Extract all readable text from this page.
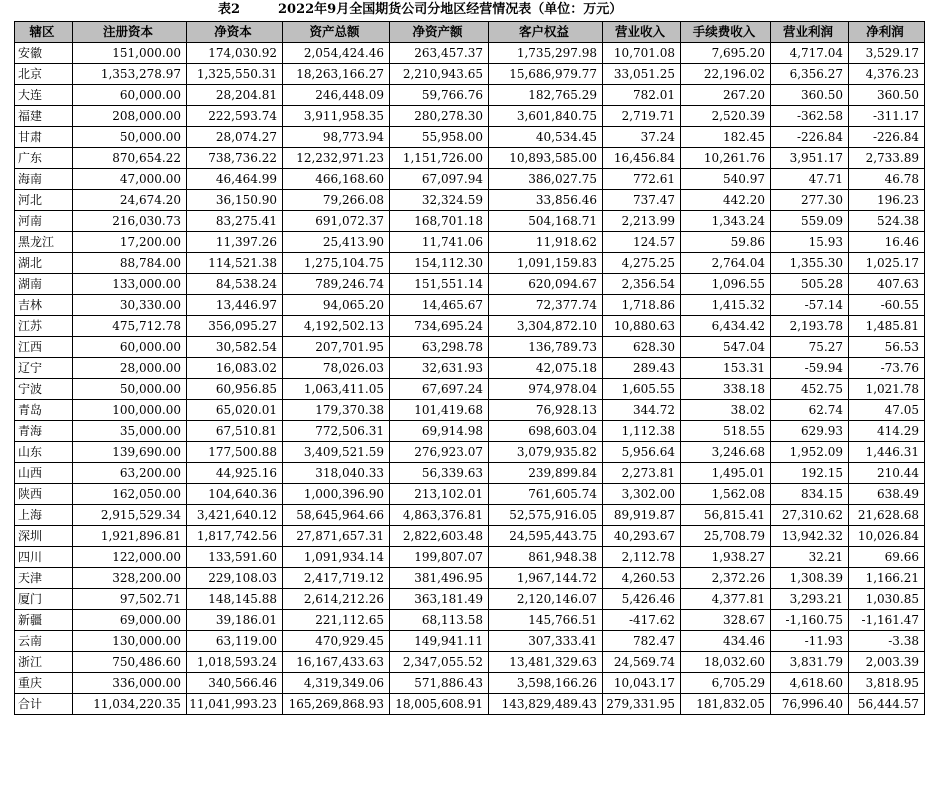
表2	2022年9月全国期货公司分地区经营情况表（单位：万元）
辖区	注册资本	净资本	资产总额	净资产额	客户权益	营业收入	手续费收入	营业利润	净利润
安徽	151,000.00	174,030.92	2,054,424.46	263,457.37	1,735,297.98	10,701.08	7,695.20	4,717.04	3,529.17
北京	1,353,278.97	1,325,550.31	18,263,166.27	2,210,943.65	15,686,979.77	33,051.25	22,196.02	6,356.27	4,376.23
大连	60,000.00	28,204.81	246,448.09	59,766.76	182,765.29	782.01	267.20	360.50	360.50
福建	208,000.00	222,593.74	3,911,958.35	280,278.30	3,601,840.75	2,719.71	2,520.39	-362.58	-311.17
甘肃	50,000.00	28,074.27	98,773.94	55,958.00	40,534.45	37.24	182.45	-226.84	-226.84
广东	870,654.22	738,736.22	12,232,971.23	1,151,726.00	10,893,585.00	16,456.84	10,261.76	3,951.17	2,733.89
海南	47,000.00	46,464.99	466,168.60	67,097.94	386,027.75	772.61	540.97	47.71	46.78
河北	24,674.20	36,150.90	79,266.08	32,324.59	33,856.46	737.47	442.20	277.30	196.23
河南	216,030.73	83,275.41	691,072.37	168,701.18	504,168.71	2,213.99	1,343.24	559.09	524.38
黑龙江	17,200.00	11,397.26	25,413.90	11,741.06	11,918.62	124.57	59.86	15.93	16.46
湖北	88,784.00	114,521.38	1,275,104.75	154,112.30	1,091,159.83	4,275.25	2,764.04	1,355.30	1,025.17
湖南	133,000.00	84,538.24	789,246.74	151,551.14	620,094.67	2,356.54	1,096.55	505.28	407.63
吉林	30,330.00	13,446.97	94,065.20	14,465.67	72,377.74	1,718.86	1,415.32	-57.14	-60.55
江苏	475,712.78	356,095.27	4,192,502.13	734,695.24	3,304,872.10	10,880.63	6,434.42	2,193.78	1,485.81
江西	60,000.00	30,582.54	207,701.95	63,298.78	136,789.73	628.30	547.04	75.27	56.53
辽宁	28,000.00	16,083.02	78,026.03	32,631.93	42,075.18	289.43	153.31	-59.94	-73.76
宁波	50,000.00	60,956.85	1,063,411.05	67,697.24	974,978.04	1,605.55	338.18	452.75	1,021.78
青岛	100,000.00	65,020.01	179,370.38	101,419.68	76,928.13	344.72	38.02	62.74	47.05
青海	35,000.00	67,510.81	772,506.31	69,914.98	698,603.04	1,112.38	518.55	629.93	414.29
山东	139,690.00	177,500.88	3,409,521.59	276,923.07	3,079,935.82	5,956.64	3,246.68	1,952.09	1,446.31
山西	63,200.00	44,925.16	318,040.33	56,339.63	239,899.84	2,273.81	1,495.01	192.15	210.44
陕西	162,050.00	104,640.36	1,000,396.90	213,102.01	761,605.74	3,302.00	1,562.08	834.15	638.49
上海	2,915,529.34	3,421,640.12	58,645,964.66	4,863,376.81	52,575,916.05	89,919.87	56,815.41	27,310.62	21,628.68
深圳	1,921,896.81	1,817,742.56	27,871,657.31	2,822,603.48	24,595,443.75	40,293.67	25,708.79	13,942.32	10,026.84
四川	122,000.00	133,591.60	1,091,934.14	199,807.07	861,948.38	2,112.78	1,938.27	32.21	69.66
天津	328,200.00	229,108.03	2,417,719.12	381,496.95	1,967,144.72	4,260.53	2,372.26	1,308.39	1,166.21
厦门	97,502.71	148,145.88	2,614,212.26	363,181.49	2,120,146.07	5,426.46	4,377.81	3,293.21	1,030.85
新疆	69,000.00	39,186.01	221,112.65	68,113.58	145,766.51	-417.62	328.67	-1,160.75	-1,161.47
云南	130,000.00	63,119.00	470,929.45	149,941.11	307,333.41	782.47	434.46	-11.93	-3.38
浙江	750,486.60	1,018,593.24	16,167,433.63	2,347,055.52	13,481,329.63	24,569.74	18,032.60	3,831.79	2,003.39
重庆	336,000.00	340,566.46	4,319,349.06	571,886.43	3,598,166.26	10,043.17	6,705.29	4,618.60	3,818.95
合计	11,034,220.35	11,041,993.23	165,269,868.93	18,005,608.91	143,829,489.43	279,331.95	181,832.05	76,996.40	56,444.57
